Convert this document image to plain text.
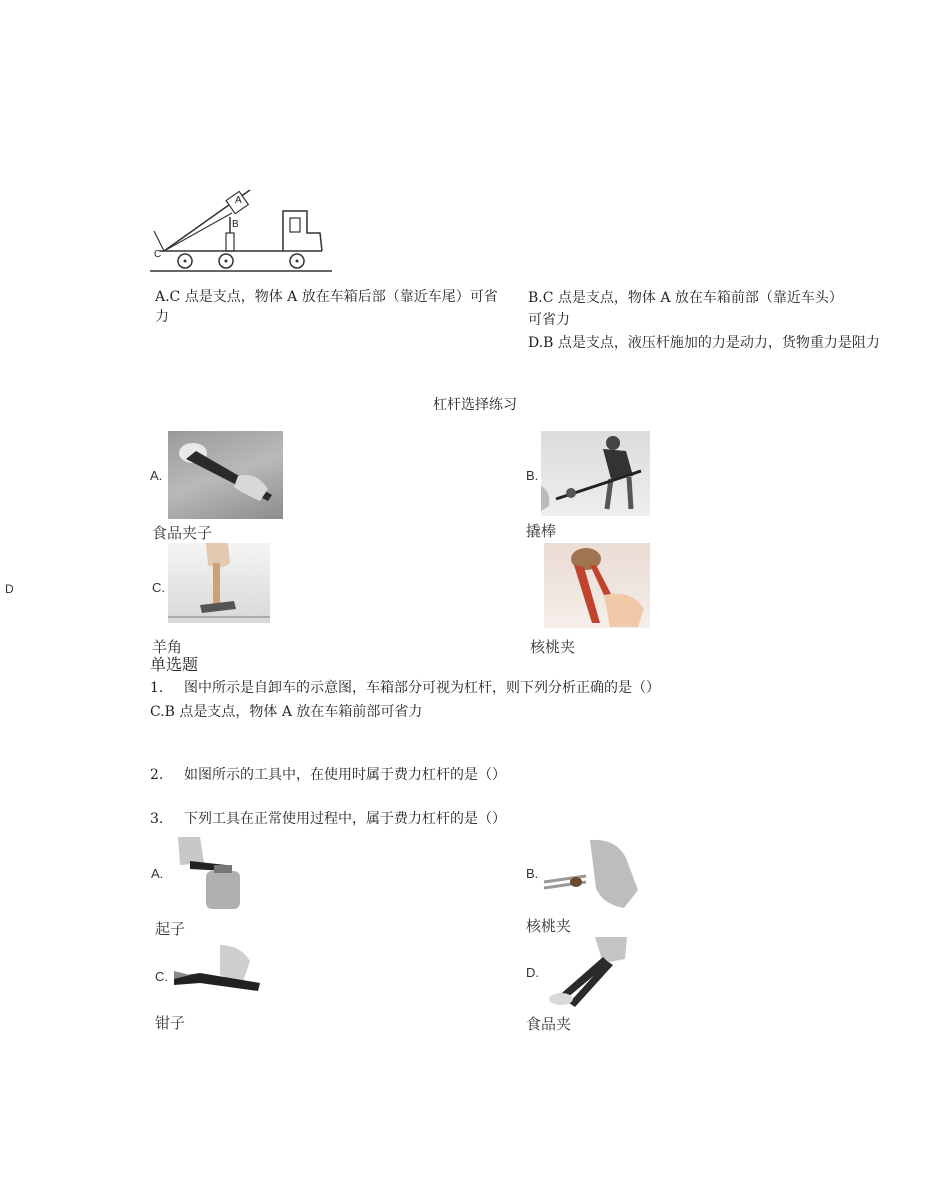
A
B
C
A.C 点是支点，物体 A 放在车箱后部（靠近车尾）可省力
B.C 点是支点，物体 A 放在车箱前部（靠近车头）
可省力
D.B 点是支点，液压杆施加的力是动力，货物重力是阻力
杠杆选择练习
D
A.
食品夹子
B.
撬棒
C.
羊角	核桃夹
单选题
1. 图中所示是自卸车的示意图，车箱部分可视为杠杆，则下列分析正确的是（）
C.B 点是支点，物体 A 放在车箱前部可省力
2. 如图所示的工具中，在使用时属于费力杠杆的是（）
3. 下列工具在正常使用过程中，属于费力杠杆的是（）
A.
起子
B.
核桃夹
C.
钳子
D.
食品夹
